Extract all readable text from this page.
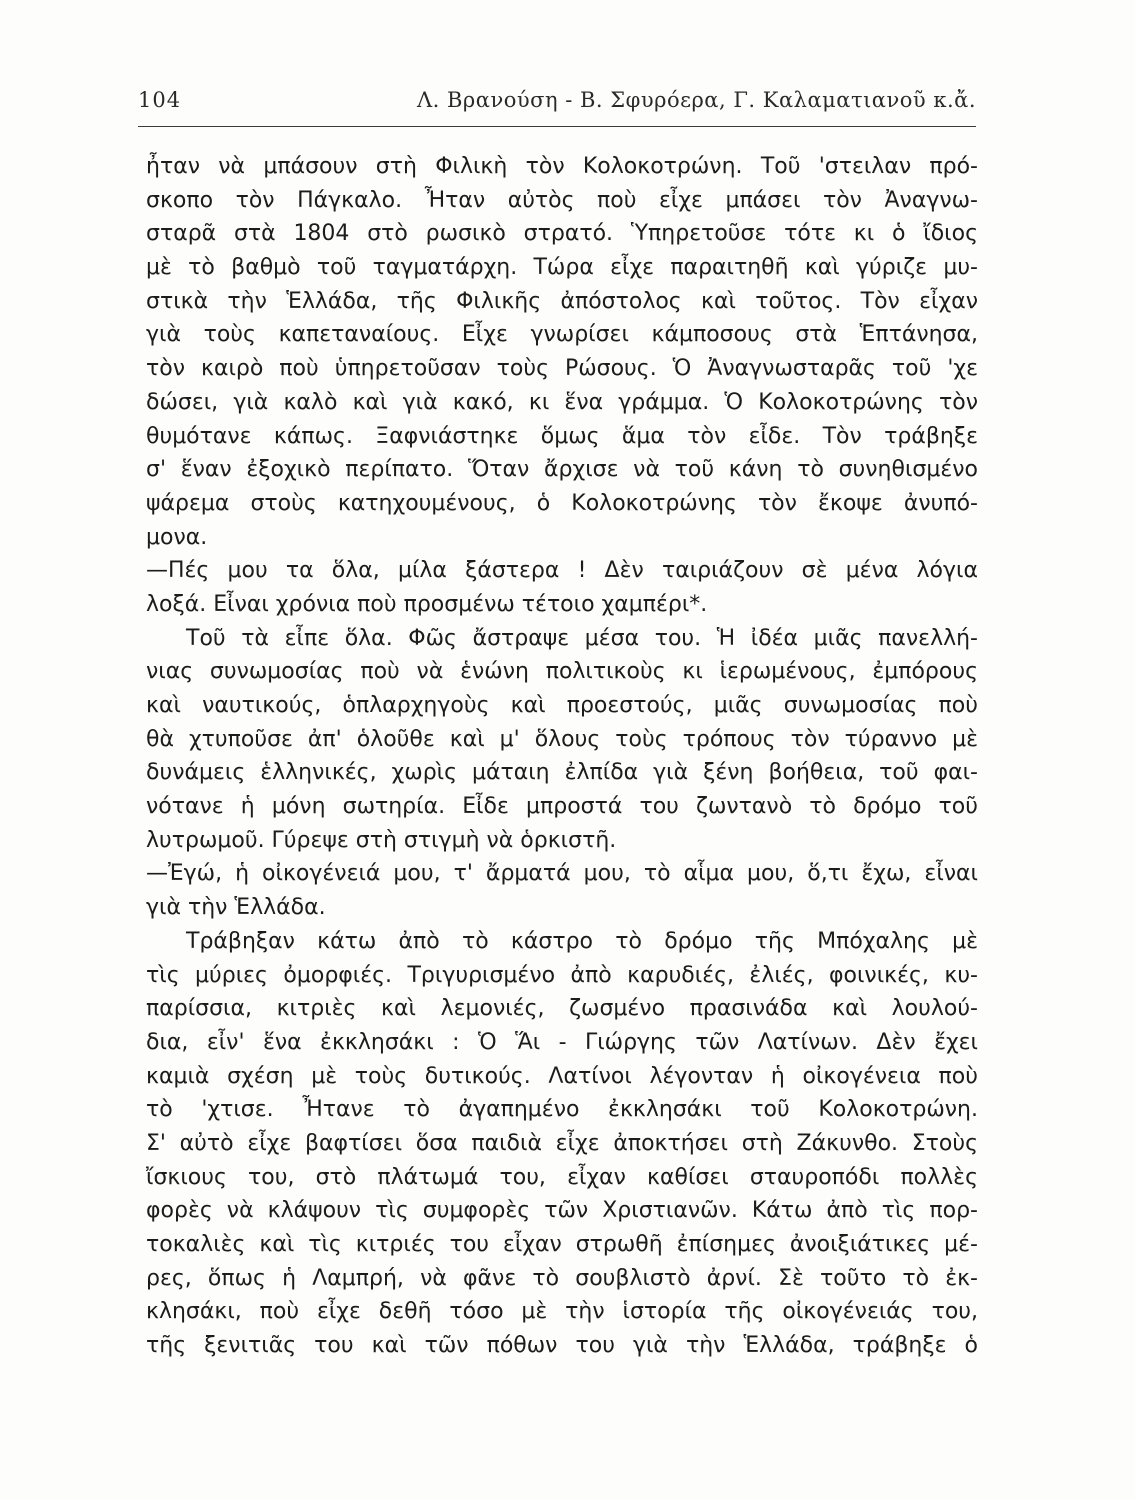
104	Λ. Βρανούση - Β. Σφυρόερα, Γ. Καλαματιανοῦ κ.ἄ.
ἦταν νὰ μπάσουν στὴ Φιλικὴ τὸν Κολοκοτρώνη. Τοῦ 'στειλαν πρό-
σκοπο τὸν Πάγκαλο. Ἦταν αὐτὸς ποὺ εἶχε μπάσει τὸν Ἀναγνω-
σταρᾶ στὰ 1804 στὸ ρωσικὸ στρατό. Ὑπηρετοῦσε τότε κι ὁ ἴδιος
μὲ τὸ βαθμὸ τοῦ ταγματάρχη. Τώρα εἶχε παραιτηθῆ καὶ γύριζε μυ-
στικὰ τὴν Ἑλλάδα, τῆς Φιλικῆς ἀπόστολος καὶ τοῦτος. Τὸν εἶχαν
γιὰ τοὺς καπεταναίους. Εἶχε γνωρίσει κάμποσους στὰ Ἑπτάνησα,
τὸν καιρὸ ποὺ ὑπηρετοῦσαν τοὺς Ρώσους. Ὁ Ἀναγνωσταρᾶς τοῦ 'χε
δώσει, γιὰ καλὸ καὶ γιὰ κακό, κι ἕνα γράμμα. Ὁ Κολοκοτρώνης τὸν
θυμότανε κάπως. Ξαφνιάστηκε ὅμως ἅμα τὸν εἶδε. Τὸν τράβηξε
σ' ἕναν ἐξοχικὸ περίπατο. Ὅταν ἄρχισε νὰ τοῦ κάνη τὸ συνηθισμένο
ψάρεμα στοὺς κατηχουμένους, ὁ Κολοκοτρώνης τὸν ἔκοψε ἀνυπό-
μονα.
—Πές μου τα ὅλα, μίλα ξάστερα ! Δὲν ταιριάζουν σὲ μένα λόγια
λοξά. Εἶναι χρόνια ποὺ προσμένω τέτοιο χαμπέρι*.
Τοῦ τὰ εἶπε ὅλα. Φῶς ἄστραψε μέσα του. Ἡ ἰδέα μιᾶς πανελλή-
νιας συνωμοσίας ποὺ νὰ ἑνώνη πολιτικοὺς κι ἱερωμένους, ἐμπόρους
καὶ ναυτικούς, ὁπλαρχηγοὺς καὶ προεστούς, μιᾶς συνωμοσίας ποὺ
θὰ χτυποῦσε ἀπ' ὁλοῦθε καὶ μ' ὅλους τοὺς τρόπους τὸν τύραννο μὲ
δυνάμεις ἑλληνικές, χωρὶς μάταιη ἐλπίδα γιὰ ξένη βοήθεια, τοῦ φαι-
νότανε ἡ μόνη σωτηρία. Εἶδε μπροστά του ζωντανὸ τὸ δρόμο τοῦ
λυτρωμοῦ. Γύρεψε στὴ στιγμὴ νὰ ὁρκιστῆ.
—Ἐγώ, ἡ οἰκογένειά μου, τ' ἄρματά μου, τὸ αἷμα μου, ὅ,τι ἔχω, εἶναι
γιὰ τὴν Ἑλλάδα.
Τράβηξαν κάτω ἀπὸ τὸ κάστρο τὸ δρόμο τῆς Μπόχαλης μὲ
τὶς μύριες ὀμορφιές. Τριγυρισμένο ἀπὸ καρυδιές, ἐλιές, φοινικές, κυ-
παρίσσια, κιτριὲς καὶ λεμονιές, ζωσμένο πρασινάδα καὶ λουλού-
δια, εἶν' ἕνα ἐκκλησάκι : Ὁ Ἅι - Γιώργης τῶν Λατίνων. Δὲν ἔχει
καμιὰ σχέση μὲ τοὺς δυτικούς. Λατίνοι λέγονταν ἡ οἰκογένεια ποὺ
τὸ 'χτισε. Ἦτανε τὸ ἀγαπημένο ἐκκλησάκι τοῦ Κολοκοτρώνη.
Σ' αὐτὸ εἶχε βαφτίσει ὅσα παιδιὰ εἶχε ἀποκτήσει στὴ Ζάκυνθο. Στοὺς
ἴσκιους του, στὸ πλάτωμά του, εἶχαν καθίσει σταυροπόδι πολλὲς
φορὲς νὰ κλάψουν τὶς συμφορὲς τῶν Χριστιανῶν. Κάτω ἀπὸ τὶς πορ-
τοκαλιὲς καὶ τὶς κιτριές του εἶχαν στρωθῆ ἐπίσημες ἀνοιξιάτικες μέ-
ρες, ὅπως ἡ Λαμπρή, νὰ φᾶνε τὸ σουβλιστὸ ἀρνί. Σὲ τοῦτο τὸ ἐκ-
κλησάκι, ποὺ εἶχε δεθῆ τόσο μὲ τὴν ἱστορία τῆς οἰκογένειάς του,
τῆς ξενιτιᾶς του καὶ τῶν πόθων του γιὰ τὴν Ἑλλάδα, τράβηξε ὁ
